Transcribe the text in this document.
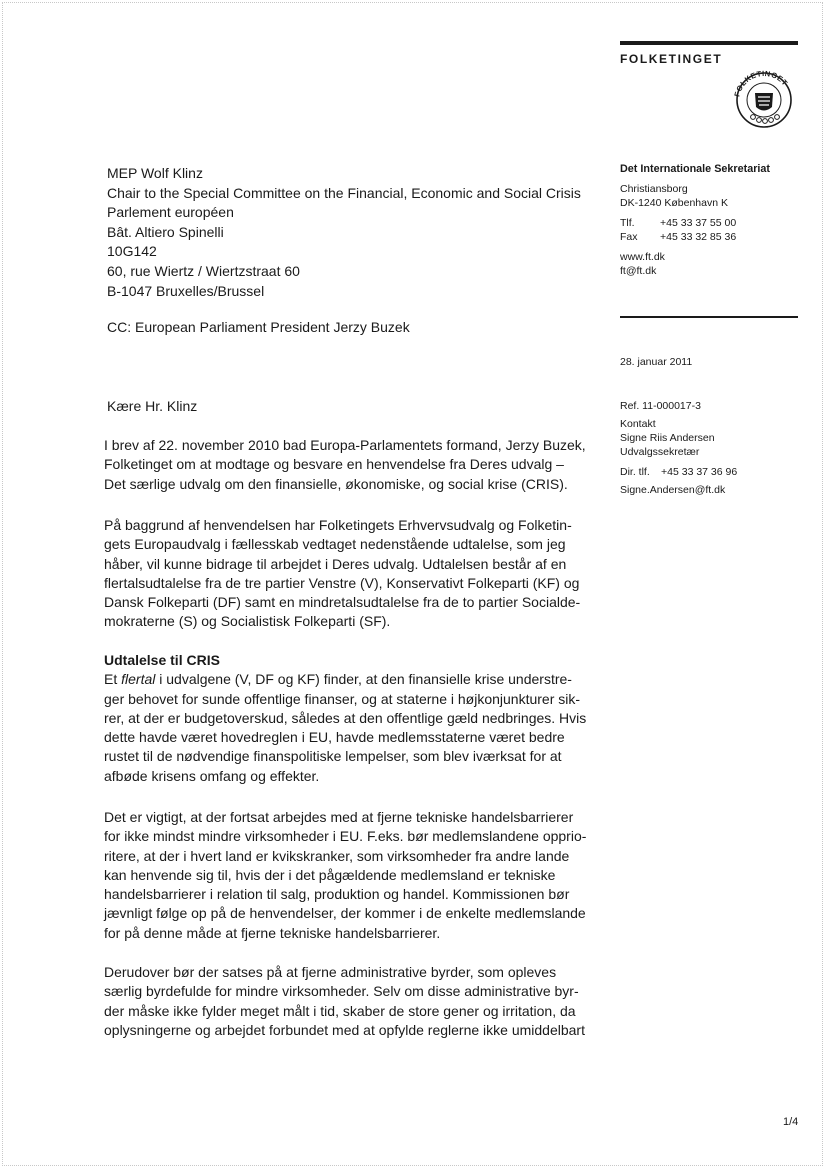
FOLKETINGET
FOLKETINGET
MEP Wolf Klinz
Chair to the Special Committee on the Financial, Economic and Social Crisis
Parlement européen
Bât. Altiero Spinelli
10G142
60, rue Wiertz / Wiertzstraat 60
B-1047 Bruxelles/Brussel
CC: European Parliament President Jerzy Buzek
Det Internationale Sekretariat
Christiansborg
DK-1240 København K
Tlf.	+45 33 37 55 00
Fax	+45 33 32 85 36
www.ft.dk
ft@ft.dk
28. januar 2011
Ref. 11-000017-3
Kontakt
Signe Riis Andersen
Udvalgssekretær
Dir. tlf.	+45 33 37 36 96
Signe.Andersen@ft.dk
Kære Hr. Klinz
I brev af 22. november 2010 bad Europa-Parlamentets formand, Jerzy Buzek,
Folketinget om at modtage og besvare en henvendelse fra Deres udvalg –
Det særlige udvalg om den finansielle, økonomiske, og social krise (CRIS).
På baggrund af henvendelsen har Folketingets Erhvervsudvalg og Folketin-
gets Europaudvalg i fællesskab vedtaget nedenstående udtalelse, som jeg
håber, vil kunne bidrage til arbejdet i Deres udvalg. Udtalelsen består af en
flertalsudtalelse fra de tre partier Venstre (V), Konservativt Folkeparti (KF) og
Dansk Folkeparti (DF) samt en mindretalsudtalelse fra de to partier Socialde-
mokraterne (S) og Socialistisk Folkeparti (SF).
Udtalelse til CRIS
Et flertal i udvalgene (V, DF og KF) finder, at den finansielle krise understre-
ger behovet for sunde offentlige finanser, og at staterne i højkonjunkturer sik-
rer, at der er budgetoverskud, således at den offentlige gæld nedbringes. Hvis
dette havde været hovedreglen i EU, havde medlemsstaterne været bedre
rustet til de nødvendige finanspolitiske lempelser, som blev iværksat for at
afbøde krisens omfang og effekter.
Det er vigtigt, at der fortsat arbejdes med at fjerne tekniske handelsbarrierer
for ikke mindst mindre virksomheder i EU. F.eks. bør medlemslandene opprio-
ritere, at der i hvert land er kvikskranker, som virksomheder fra andre lande
kan henvende sig til, hvis der i det pågældende medlemsland er tekniske
handelsbarrierer i relation til salg, produktion og handel. Kommissionen bør
jævnligt følge op på de henvendelser, der kommer i de enkelte medlemslande
for på denne måde at fjerne tekniske handelsbarrierer.
Derudover bør der satses på at fjerne administrative byrder, som opleves
særlig byrdefulde for mindre virksomheder. Selv om disse administrative byr-
der måske ikke fylder meget målt i tid, skaber de store gener og irritation, da
oplysningerne og arbejdet forbundet med at opfylde reglerne ikke umiddelbart
1/4
